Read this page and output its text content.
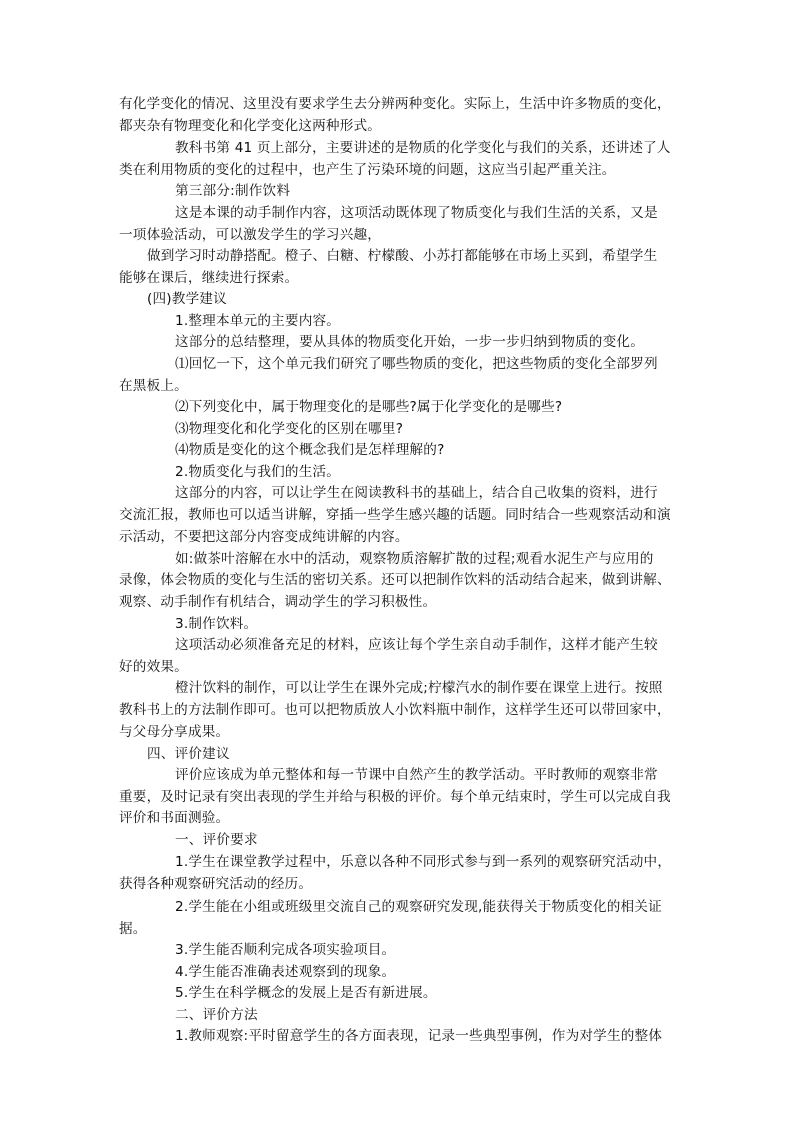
有化学变化的情况、这里没有要求学生去分辨两种变化。实际上，生活中许多物质的变化，
都夹杂有物理变化和化学变化这两种形式。
教科书第 41 页上部分，主要讲述的是物质的化学变化与我们的关系，还讲述了人
类在利用物质的变化的过程中，也产生了污染环境的问题，这应当引起严重关注。
第三部分:制作饮料
这是本课的动手制作内容，这项活动既体现了物质变化与我们生活的关系，又是
一项体验活动，可以激发学生的学习兴趣，
做到学习时动静搭配。橙子、白糖、柠檬酸、小苏打都能够在市场上买到，希望学生
能够在课后，继续进行探索。
(四)教学建议
1.整理本单元的主要内容。
这部分的总结整理，要从具体的物质变化开始，一步一步归纳到物质的变化。
⑴回忆一下，这个单元我们研究了哪些物质的变化，把这些物质的变化全部罗列
在黑板上。
⑵下列变化中，属于物理变化的是哪些?属于化学变化的是哪些?
⑶物理变化和化学变化的区别在哪里?
⑷物质是变化的这个概念我们是怎样理解的?
2.物质变化与我们的生活。
这部分的内容，可以让学生在阅读教科书的基础上，结合自己收集的资料，进行
交流汇报，教师也可以适当讲解，穿插一些学生感兴趣的话题。同时结合一些观察活动和演
示活动，不要把这部分内容变成纯讲解的内容。
如:做茶叶溶解在水中的活动，观察物质溶解扩散的过程;观看水泥生产与应用的
录像，体会物质的变化与生活的密切关系。还可以把制作饮料的活动结合起来，做到讲解、
观察、动手制作有机结合，调动学生的学习积极性。
3.制作饮料。
这项活动必须准备充足的材料，应该让每个学生亲自动手制作，这样才能产生较
好的效果。
橙汁饮料的制作，可以让学生在课外完成;柠檬汽水的制作要在课堂上进行。按照
教科书上的方法制作即可。也可以把物质放人小饮料瓶中制作，这样学生还可以带回家中，
与父母分享成果。
四、评价建议
评价应该成为单元整体和每一节课中自然产生的教学活动。平时教师的观察非常
重要，及时记录有突出表现的学生并给与积极的评价。每个单元结束时，学生可以完成自我
评价和书面测验。
一、评价要求
1.学生在课堂教学过程中，乐意以各种不同形式参与到一系列的观察研究活动中，
获得各种观察研究活动的经历。
2.学生能在小组或班级里交流自己的观察研究发现,能获得关于物质变化的相关证
据。
3.学生能否顺利完成各项实验项目。
4.学生能否准确表述观察到的现象。
5.学生在科学概念的发展上是否有新进展。
二、评价方法
1.教师观察:平时留意学生的各方面表现，记录一些典型事例，作为对学生的整体
